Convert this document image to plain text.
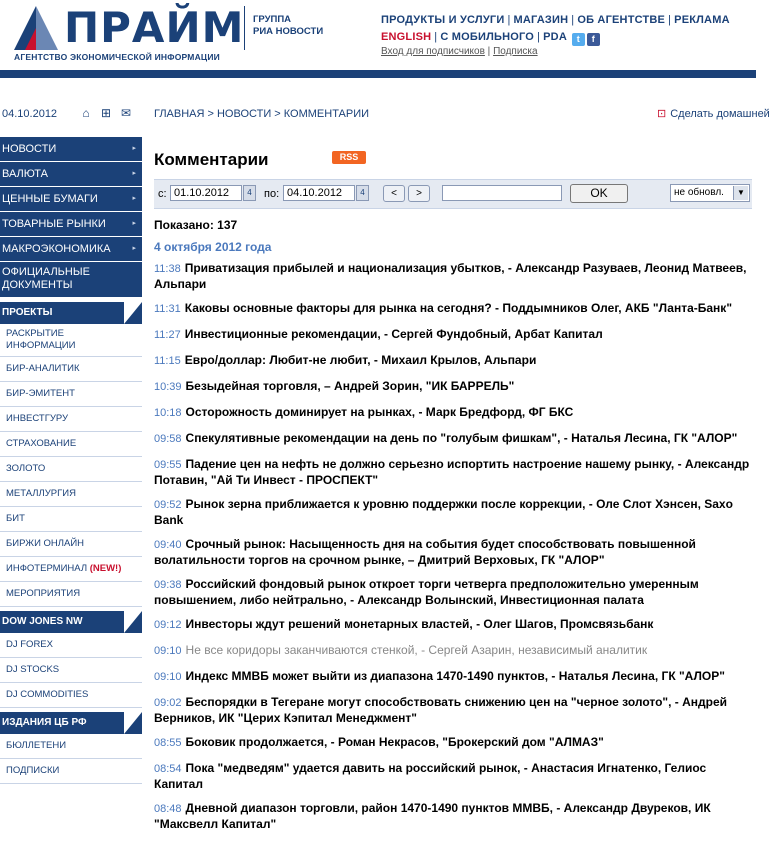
ПРАЙМ
АГЕНТСТВО ЭКОНОМИЧЕСКОЙ ИНФОРМАЦИИ
ГРУППА
РИА НОВОСТИ
ПРОДУКТЫ И УСЛУГИ | МАГАЗИН | ОБ АГЕНТСТВЕ | РЕКЛАМА
ENGLISH | С МОБИЛЬНОГО | PDA t f
Вход для подписчиков | Подписка
04.10.2012 ⌂ ⊞ ✉ ГЛАВНАЯ > НОВОСТИ > КОММЕНТАРИИ	⊡ Сделать домашней
НОВОСТИ	▸
ВАЛЮТА	▸
ЦЕННЫЕ БУМАГИ	▸
ТОВАРНЫЕ РЫНКИ	▸
МАКРОЭКОНОМИКА	▸
ОФИЦИАЛЬНЫЕ ДОКУМЕНТЫ
ПРОЕКТЫ
РАСКРЫТИЕ ИНФОРМАЦИИ
БИР-АНАЛИТИК
БИР-ЭМИТЕНТ
ИНВЕСТГУРУ
СТРАХОВАНИЕ
ЗОЛОТО
МЕТАЛЛУРГИЯ
БИТ
БИРЖИ ОНЛАЙН
ИНФОТЕРМИНАЛ (NEW!)
МЕРОПРИЯТИЯ
DOW JONES NW
DJ FOREX
DJ STOCKS
DJ COMMODITIES
ИЗДАНИЯ ЦБ РФ
БЮЛЛЕТЕНИ
ПОДПИСКИ
Комментарии	RSS
с:
01.10.2012	4	по:
04.10.2012	4	<	>	OK	не обновл.	▼
Показано: 137
4 октября 2012 года
11:38 Приватизация прибылей и национализация убытков, - Александр Разуваев, Леонид Матвеев, Альпари
11:31 Каковы основные факторы для рынка на сегодня? - Поддымников Олег, АКБ "Ланта-Банк"
11:27 Инвестиционные рекомендации, - Сергей Фундобный, Арбат Капитал
11:15 Евро/доллар: Любит-не любит, - Михаил Крылов, Альпари
10:39 Безыдейная торговля, – Андрей Зорин, "ИК БАРРЕЛЬ"
10:18 Осторожность доминирует на рынках, - Марк Бредфорд, ФГ БКС
09:58 Спекулятивные рекомендации на день по "голубым фишкам", - Наталья Лесина, ГК "АЛОР"
09:55 Падение цен на нефть не должно серьезно испортить настроение нашему рынку, - Александр Потавин, "Ай Ти Инвест - ПРОСПЕКТ"
09:52 Рынок зерна приближается к уровню поддержки после коррекции, - Оле Слот Хэнсен, Saxo Bank
09:40 Срочный рынок: Насыщенность дня на события будет способствовать повышенной волатильности торгов на срочном рынке, – Дмитрий Верховых, ГК "АЛОР"
09:38 Российский фондовый рынок откроет торги четверга предположительно умеренным повышением, либо нейтрально, - Александр Волынский, Инвестиционная палата
09:12 Инвесторы ждут решений монетарных властей, - Олег Шагов, Промсвязьбанк
09:10 Не все коридоры заканчиваются стенкой, - Сергей Азарин, независимый аналитик
09:10 Индекс ММВБ может выйти из диапазона 1470-1490 пунктов, - Наталья Лесина, ГК "АЛОР"
09:02 Беспорядки в Тегеране могут способствовать снижению цен на "черное золото", - Андрей Верников, ИК "Церих Кэпитал Менеджмент"
08:55 Боковик продолжается, - Роман Некрасов, "Брокерский дом "АЛМАЗ"
08:54 Пока "медведям" удается давить на российский рынок, - Анастасия Игнатенко, Гелиос Капитал
08:48 Дневной диапазон торговли, район 1470-1490 пунктов ММВБ, - Александр Двуреков, ИК "Максвелл Капитал"
